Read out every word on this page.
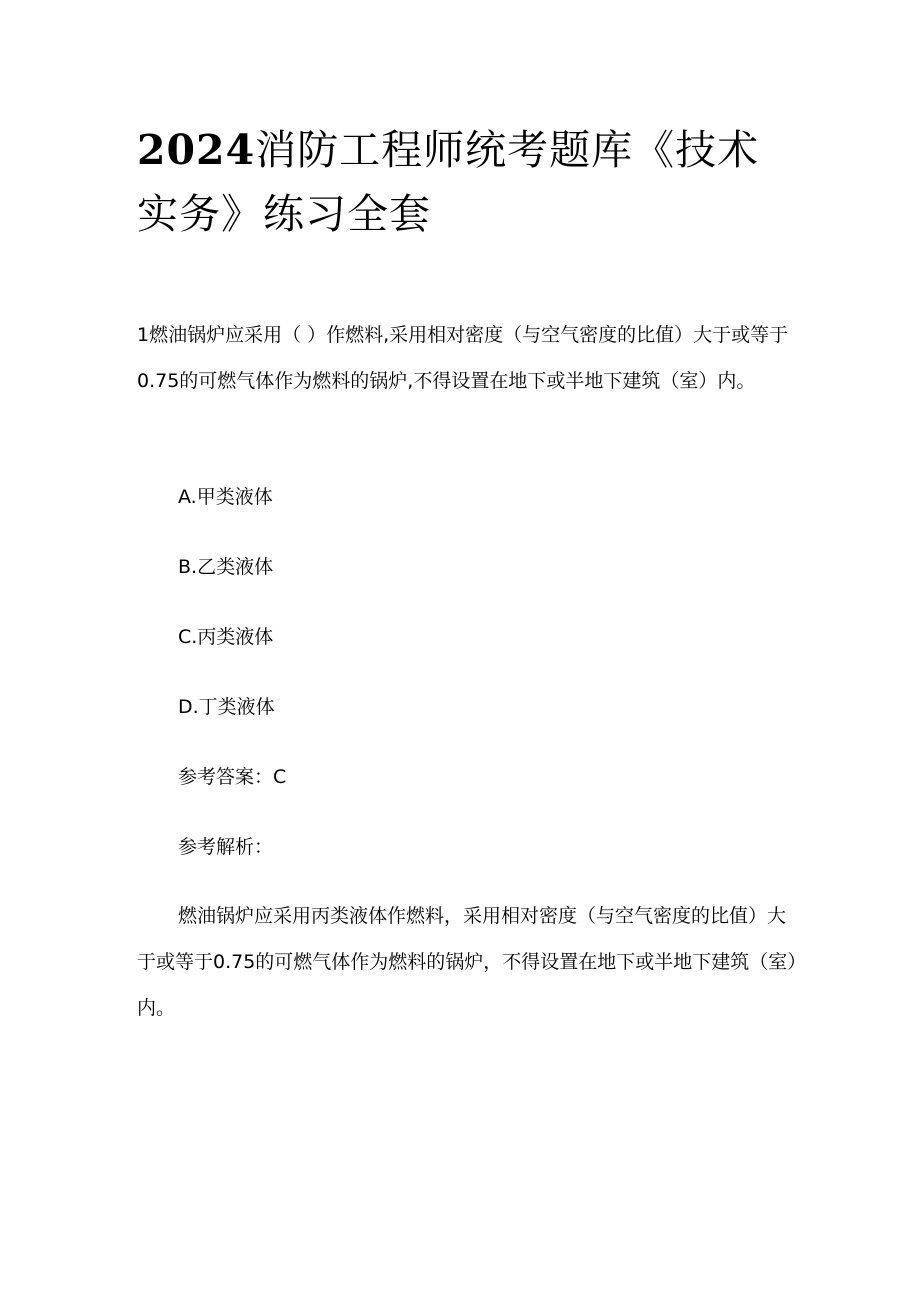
2024消防工程师统考题库《技术实务》练习全套

1燃油锅炉应采用（ ）作燃料,采用相对密度（与空气密度的比值）大于或等于0.75的可燃气体作为燃料的锅炉,不得设置在地下或半地下建筑（室）内。

A.甲类液体

B.乙类液体

C.丙类液体

D.丁类液体

参考答案：C

参考解析：

燃油锅炉应采用丙类液体作燃料，采用相对密度（与空气密度的比值）大于或等于0.75的可燃气体作为燃料的锅炉，不得设置在地下或半地下建筑（室）内。
